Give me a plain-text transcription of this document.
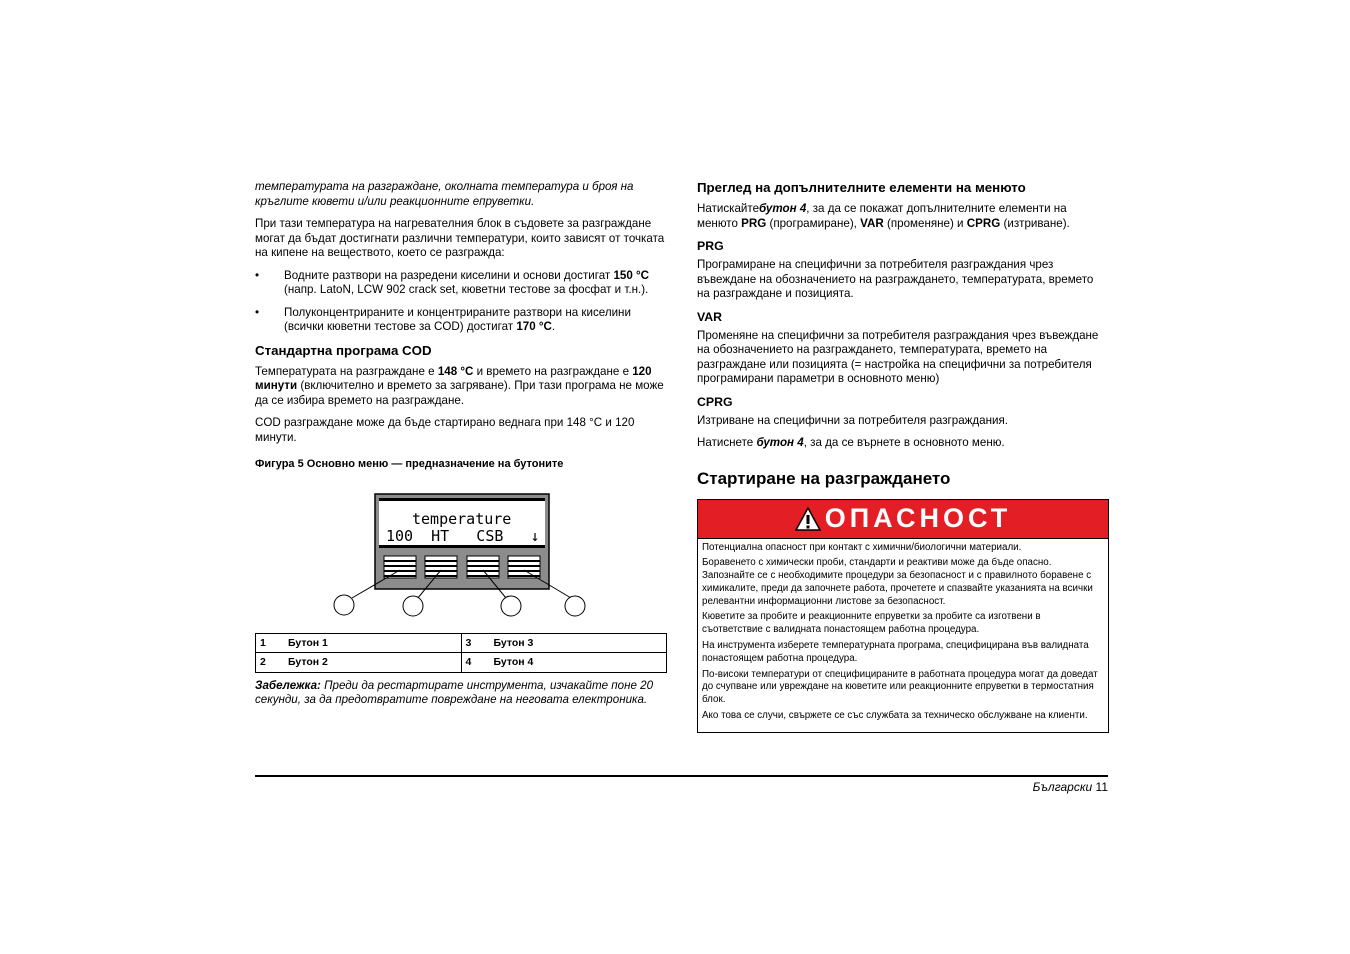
температурата на разграждане, околната температура и броя на кръглите кювети и/или реакционните епруветки.

При тази температура на нагревателния блок в съдовете за разграждане могат да бъдат достигнати различни температури, които зависят от точката на кипене на веществото, което се разгражда:

• Водните разтвори на разредени киселини и основи достигат 150 °C (напр. LatoN, LCW 902 crack set, кюветни тестове за фосфат и т.н.).
• Полуконцентрираните и концентрираните разтвори на киселини (всички кюветни тестове за COD) достигат 170 °C.
Стандартна програма COD

Температурата на разграждане е 148 °C и времето на разграждане е 120 минути (включително и времето за загряване). При тази програма не може да се избира времето на разграждане.

COD разграждане може да бъде стартирано веднага при 148 °C и 120 минути.

Фигура 5 Основно меню — предназначение на бутоните
temperature
100  HT   CSB   ↓
1	Бутон 1	3	Бутон 3
2	Бутон 2	4	Бутон 4

Забележка: Преди да рестартирате инструмента, изчакайте поне 20 секунди, за да предотвратите повреждане на неговата електроника.

Преглед на допълнителните елементи на менюто

Натискайтебутон 4, за да се покажат допълнителните елементи на менюто PRG (програмиране), VAR (променяне) и CPRG (изтриване).

PRG

Програмиране на специфични за потребителя разграждания чрез въвеждане на обозначението на разграждането, температурата, времето на разграждане и позицията.

VAR

Променяне на специфични за потребителя разграждания чрез въвеждане на обозначението на разграждането, температурата, времето на разграждане или позицията (= настройка на специфични за потребителя програмирани параметри в основното меню)

CPRG

Изтриване на специфични за потребителя разграждания.

Натиснете бутон 4, за да се върнете в основното меню.

Стартиране на разграждането
ОПАСНОСТ

Потенциална опасност при контакт с химични/биологични материали.

Боравенето с химически проби, стандарти и реактиви може да бъде опасно. Запознайте се с необходимите процедури за безопасност и с правилното боравене с химикалите, преди да започнете работа, прочетете и спазвайте указанията на всички релевантни информационни листове за безопасност.

Кюветите за пробите и реакционните епруветки за пробите са изготвени в съответствие с валидната понастоящем работна процедура.

На инструмента изберете температурната програма, специфицирана във валидната понастоящем работна процедура.

По-високи температури от специфицираните в работната процедура могат да доведат до счупване или увреждане на кюветите или реакционните епруветки в термостатния блок.

Ако това се случи, свържете се със службата за техническо обслужване на клиенти.

Български 11
